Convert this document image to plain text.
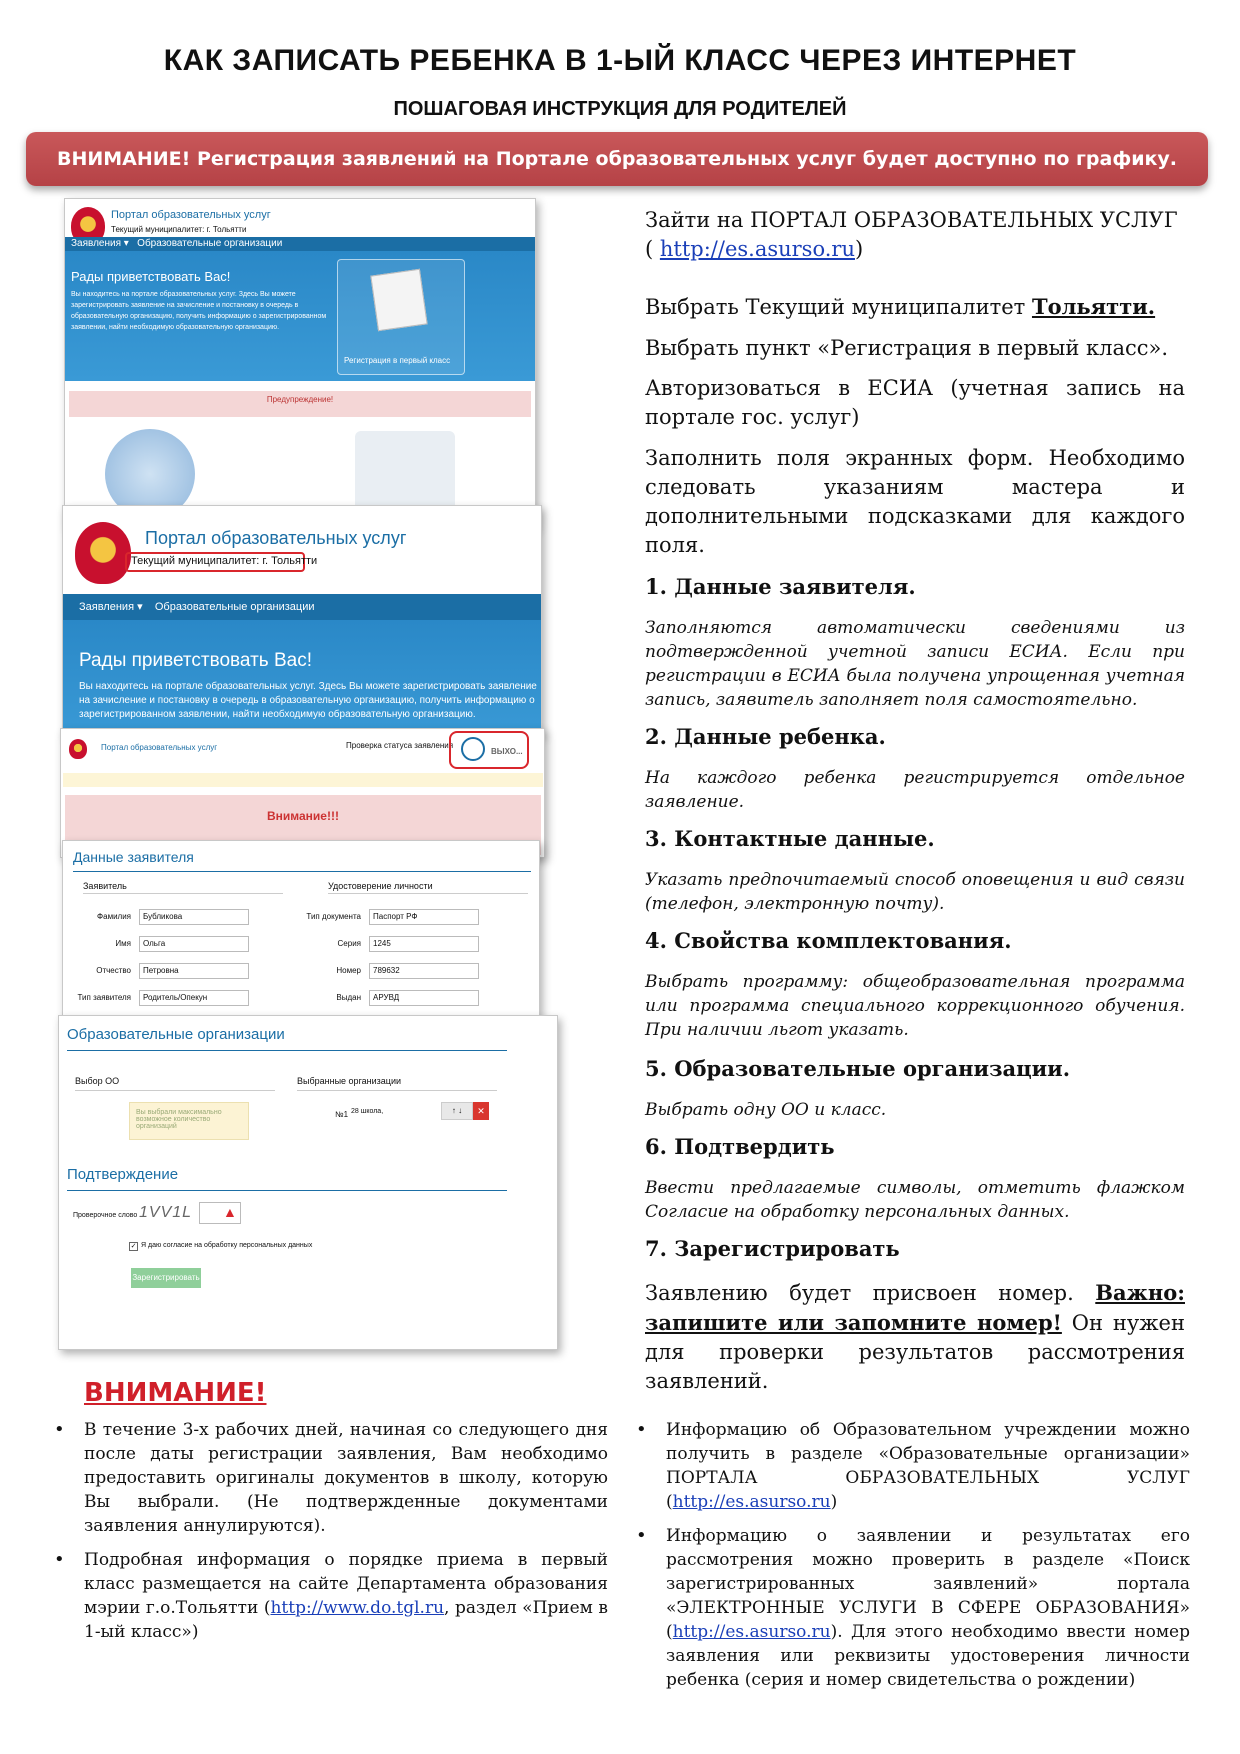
КАК ЗАПИСАТЬ РЕБЕНКА В 1-ЫЙ КЛАСС ЧЕРЕЗ ИНТЕРНЕТ
ПОШАГОВАЯ ИНСТРУКЦИЯ ДЛЯ РОДИТЕЛЕЙ
ВНИМАНИЕ! Регистрация заявлений на Портале образовательных услуг будет доступно по графику.
Портал образовательных услуг
Текущий муниципалитет: г. Тольятти
Заявления ▾ Образовательные организации
Рады приветствовать Вас!
Вы находитесь на портале образовательных услуг. Здесь Вы можете зарегистрировать заявление на зачисление и постановку в очередь в образовательную организацию, получить информацию о зарегистрированном заявлении, найти необходимую образовательную организацию.
Регистрация в первый класс
Предупреждение!
Портал образовательных услуг
Текущий муниципалитет: г. Тольятти
Заявления ▾ Образовательные организации
Рады приветствовать Вас!
Вы находитесь на портале образовательных услуг. Здесь Вы можете зарегистрировать заявление на зачисление и постановку в очередь в образовательную организацию, получить информацию о зарегистрированном заявлении, найти необходимую образовательную организацию.
Портал образовательных услуг	Проверка статуса заявления
ВЫХО...
Внимание!!!
Данные заявителя
Заявитель	Удостоверение личности
Фамилия	Бубликова
Имя	Ольга
Отчество	Петровна
Тип заявителя	Родитель/Опекун
Тип документа	Паспорт РФ
Серия	1245
Номер	789632
Выдан	АРУВД
Образовательные организации
Выбор ОО	Выбранные организации
Вы выбрали максимально возможное количество организаций
№1 28 школа,	↑ ↓	✕
Подтверждение
Проверочное слово 1VV1L ▲
✓ Я даю согласие на обработку персональных данных
Зарегистрировать
Зайти на ПОРТАЛ ОБРАЗОВАТЕЛЬНЫХ УСЛУГ
( http://es.asurso.ru)
Выбрать Текущий муниципалитет Тольятти.
Выбрать пункт «Регистрация в первый класс».
Авторизоваться в ЕСИА (учетная запись на портале гос. услуг)
Заполнить поля экранных форм. Необходимо следовать указаниям мастера и дополнительными подсказками для каждого поля.
1. Данные заявителя.
Заполняются автоматически сведениями из подтвержденной учетной записи ЕСИА. Если при регистрации в ЕСИА была получена упрощенная учетная запись, заявитель заполняет поля самостоятельно.
2. Данные ребенка.
На каждого ребенка регистрируется отдельное заявление.
3. Контактные данные.
Указать предпочитаемый способ оповещения и вид связи (телефон, электронную почту).
4. Свойства комплектования.
Выбрать программу: общеобразовательная программа или программа специального коррекционного обучения. При наличии льгот указать.
5. Образовательные организации.
Выбрать одну ОО и класс.
6. Подтвердить
Ввести предлагаемые символы, отметить флажком Согласие на обработку персональных данных.
7. Зарегистрировать
Заявлению будет присвоен номер. Важно: запишите или запомните номер! Он нужен для проверки результатов рассмотрения заявлений.
ВНИМАНИЕ!
• В течение 3-х рабочих дней, начиная со следующего дня после даты регистрации заявления, Вам необходимо предоставить оригиналы документов в школу, которую Вы выбрали. (Не подтвержденные документами заявления аннулируются).
• Подробная информация о порядке приема в первый класс размещается на сайте Департамента образования мэрии г.о.Тольятти (http://www.do.tgl.ru, раздел «Прием в 1-ый класс»)
• Информацию об Образовательном учреждении можно получить в разделе «Образовательные организации» ПОРТАЛА ОБРАЗОВАТЕЛЬНЫХ УСЛУГ (http://es.asurso.ru)
• Информацию о заявлении и результатах его рассмотрения можно проверить в разделе «Поиск зарегистрированных заявлений» портала «ЭЛЕКТРОННЫЕ УСЛУГИ В СФЕРЕ ОБРАЗОВАНИЯ» (http://es.asurso.ru). Для этого необходимо ввести номер заявления или реквизиты удостоверения личности ребенка (серия и номер свидетельства о рождении)
